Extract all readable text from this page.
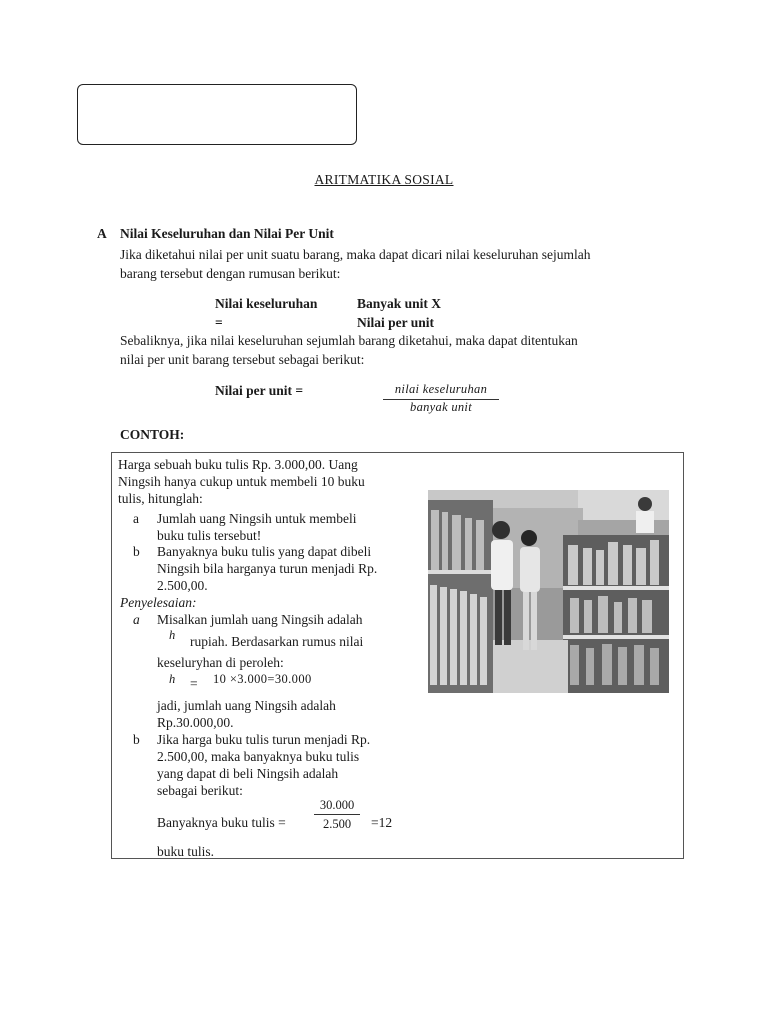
ARITMATIKA SOSIAL
A Nilai Keseluruhan dan Nilai Per Unit
Jika diketahui nilai per unit suatu barang, maka dapat dicari nilai keseluruhan sejumlah
barang tersebut dengan rumusan berikut:
Nilai keseluruhan
=
Banyak unit X
Nilai per unit
Sebaliknya, jika nilai keseluruhan sejumlah barang diketahui, maka dapat ditentukan
nilai per unit barang tersebut sebagai berikut:
Nilai per unit =	nilai keseluruhan
banyak unit
CONTOH:
Harga sebuah buku tulis Rp. 3.000,00. Uang
Ningsih hanya cukup untuk membeli 10 buku
tulis, hitunglah:
a Jumlah uang Ningsih untuk membeli
buku tulis tersebut!
b Banyaknya buku tulis yang dapat dibeli
Ningsih bila harganya turun menjadi Rp.
2.500,00.
Penyelesaian:
a Misalkan jumlah uang Ningsih adalah
h rupiah. Berdasarkan rumus nilai
keseluryhan di peroleh:
h = 10 ×3.000=30.000
jadi, jumlah uang Ningsih adalah
Rp.30.000,00.
b Jika harga buku tulis turun menjadi Rp.
2.500,00, maka banyaknya buku tulis
yang dapat di beli Ningsih adalah
sebagai berikut:
Banyaknya buku tulis =
30.000
2.500	=12
buku tulis.
